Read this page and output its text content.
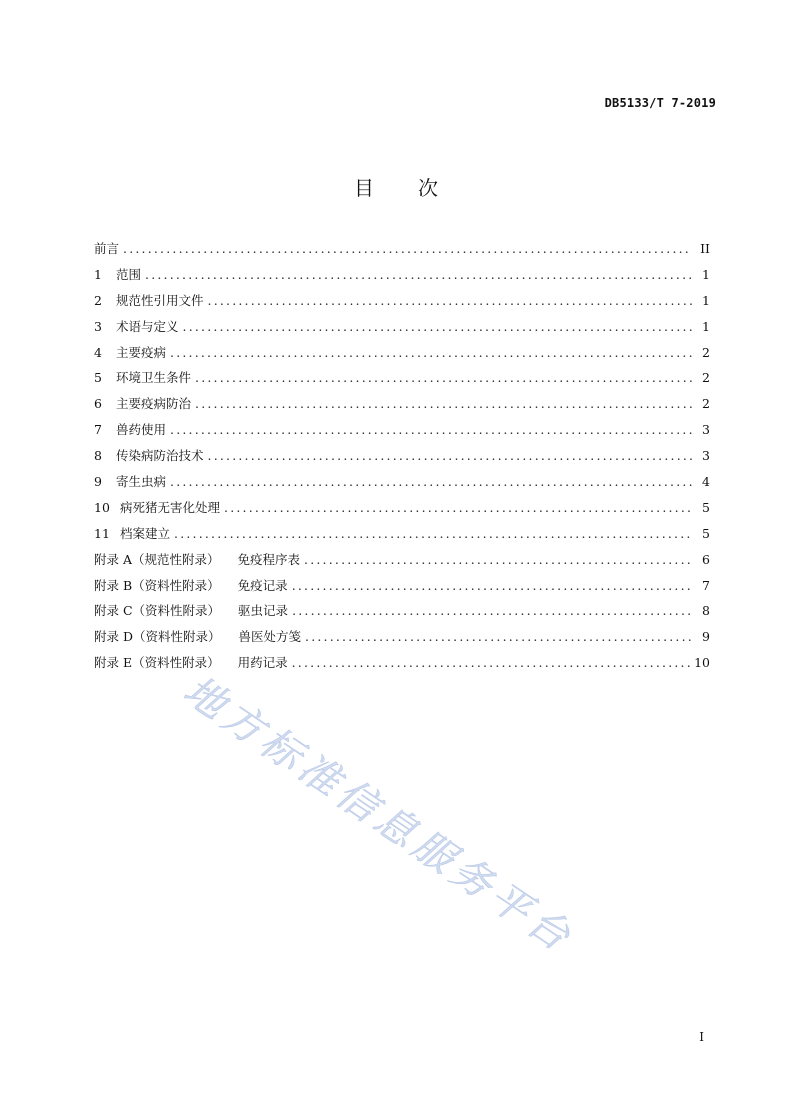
DB5133/T 7-2019
目 次
前言 .....	II
1 范围 .....	1
2 规范性引用文件 .....	1
3 术语与定义 .....	1
4 主要疫病 .....	2
5 环境卫生条件 .....	2
6 主要疫病防治 .....	2
7 兽药使用 .....	3
8 传染病防治技术 .....	3
9 寄生虫病 .....	4
10 病死猪无害化处理 .....	5
11 档案建立 .....	5
附录 A（规范性附录） 免疫程序表 .....	6
附录 B（资料性附录） 免疫记录 .....	7
附录 C（资料性附录） 驱虫记录 .....	8
附录 D（资料性附录） 兽医处方笺 .....	9
附录 E（资料性附录） 用药记录 .....	10
地方标准信息服务平台
I
